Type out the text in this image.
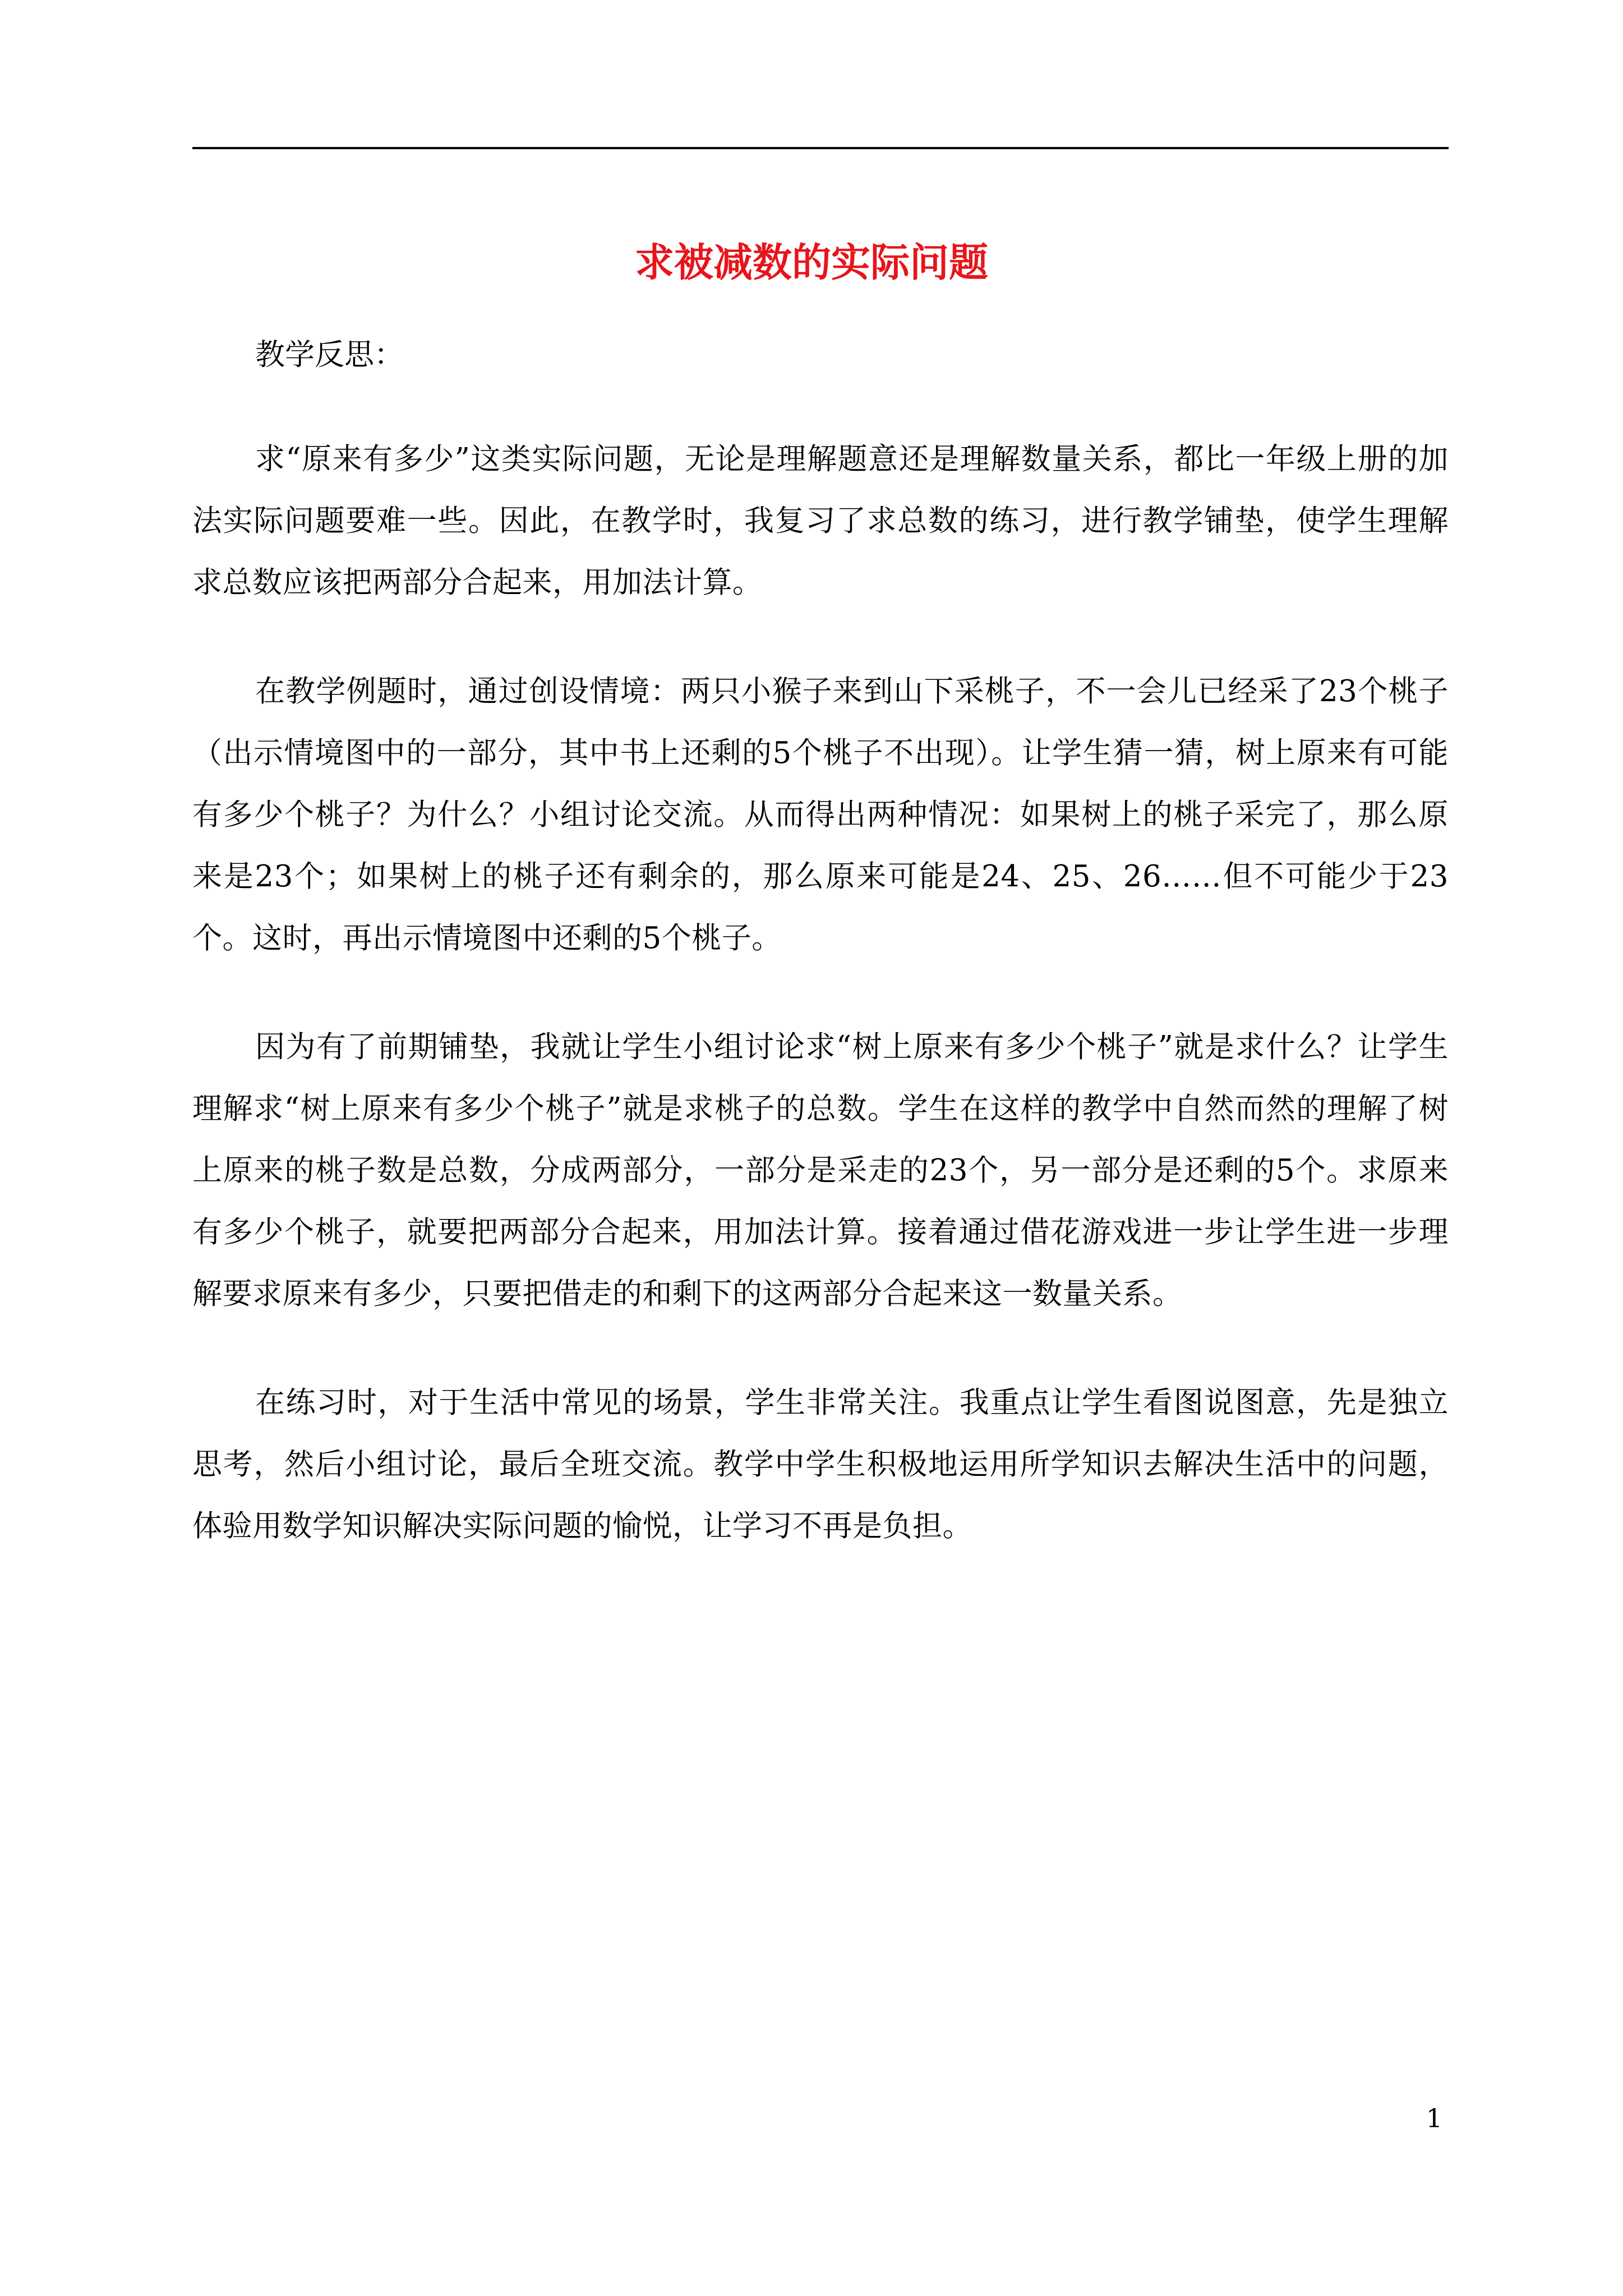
求被减数的实际问题

教学反思：

求“原来有多少”这类实际问题，无论是理解题意还是理解数量关系，都比一年级上册的加法实际问题要难一些。因此，在教学时，我复习了求总数的练习，进行教学铺垫，使学生理解求总数应该把两部分合起来，用加法计算。

在教学例题时，通过创设情境：两只小猴子来到山下采桃子，不一会儿已经采了23个桃子（出示情境图中的一部分，其中书上还剩的5个桃子不出现）。让学生猜一猜，树上原来有可能有多少个桃子？为什么？小组讨论交流。从而得出两种情况：如果树上的桃子采完了，那么原来是23个；如果树上的桃子还有剩余的，那么原来可能是24、25、26……但不可能少于23个。这时，再出示情境图中还剩的5个桃子。

因为有了前期铺垫，我就让学生小组讨论求“树上原来有多少个桃子”就是求什么？让学生理解求“树上原来有多少个桃子”就是求桃子的总数。学生在这样的教学中自然而然的理解了树上原来的桃子数是总数，分成两部分，一部分是采走的23个，另一部分是还剩的5个。求原来有多少个桃子，就要把两部分合起来，用加法计算。接着通过借花游戏进一步让学生进一步理解要求原来有多少，只要把借走的和剩下的这两部分合起来这一数量关系。

在练习时，对于生活中常见的场景，学生非常关注。我重点让学生看图说图意，先是独立思考，然后小组讨论，最后全班交流。教学中学生积极地运用所学知识去解决生活中的问题，体验用数学知识解决实际问题的愉悦，让学习不再是负担。

1
